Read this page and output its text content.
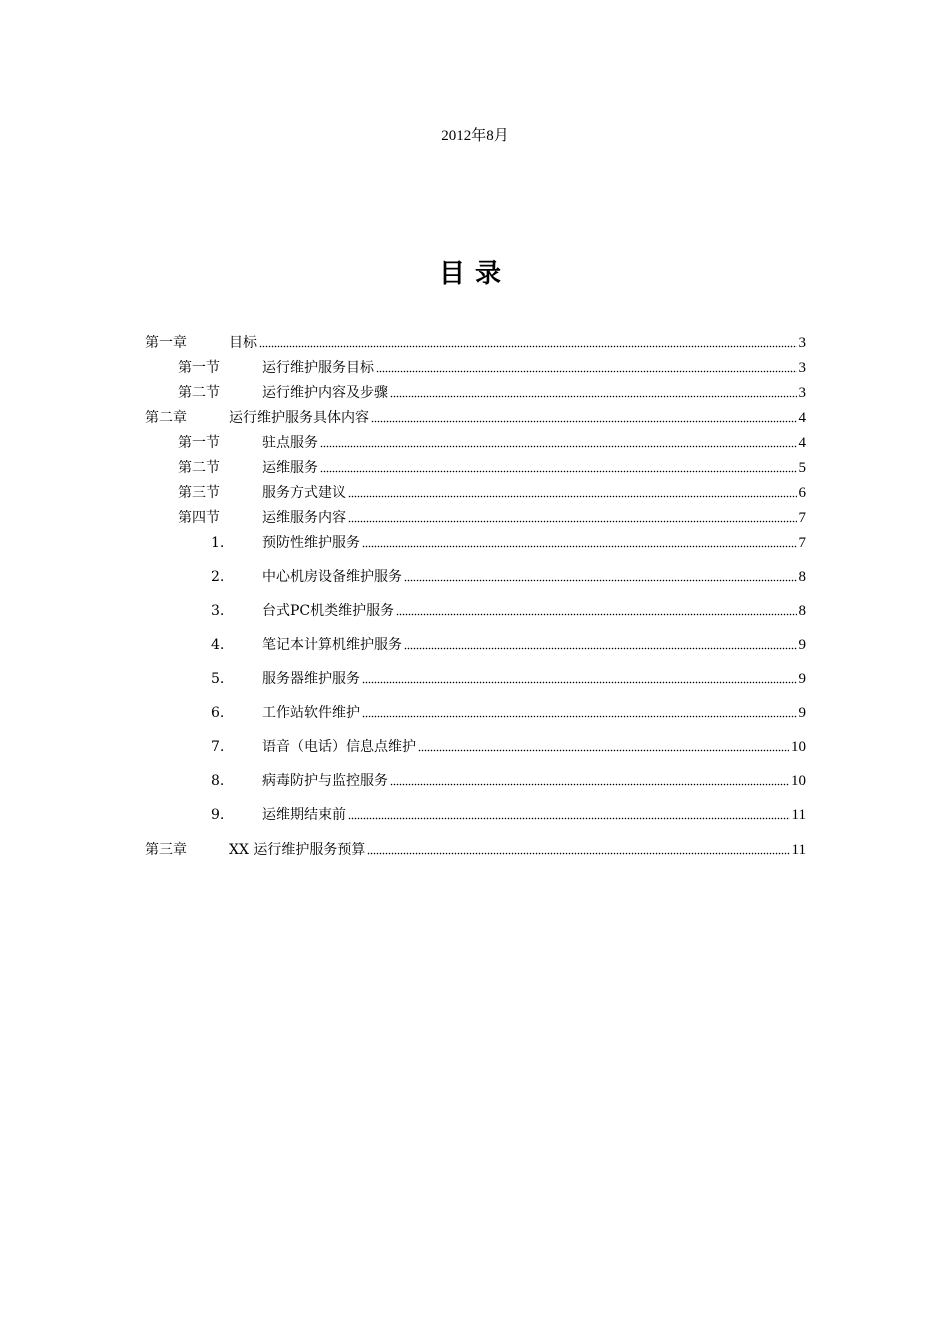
2012年8月
目录
第一章	目标	3
第一节	运行维护服务目标	3
第二节	运行维护内容及步骤	3
第二章	运行维护服务具体内容	4
第一节	驻点服务	4
第二节	运维服务	5
第三节	服务方式建议	6
第四节	运维服务内容	7
1.	预防性维护服务	7
2.	中心机房设备维护服务	8
3.	台式PC机类维护服务	8
4.	笔记本计算机维护服务	9
5.	服务器维护服务	9
6.	工作站软件维护	9
7.	语音（电话）信息点维护	10
8.	病毒防护与监控服务	10
9.	运维期结束前	11
第三章	XX 运行维护服务预算	11
